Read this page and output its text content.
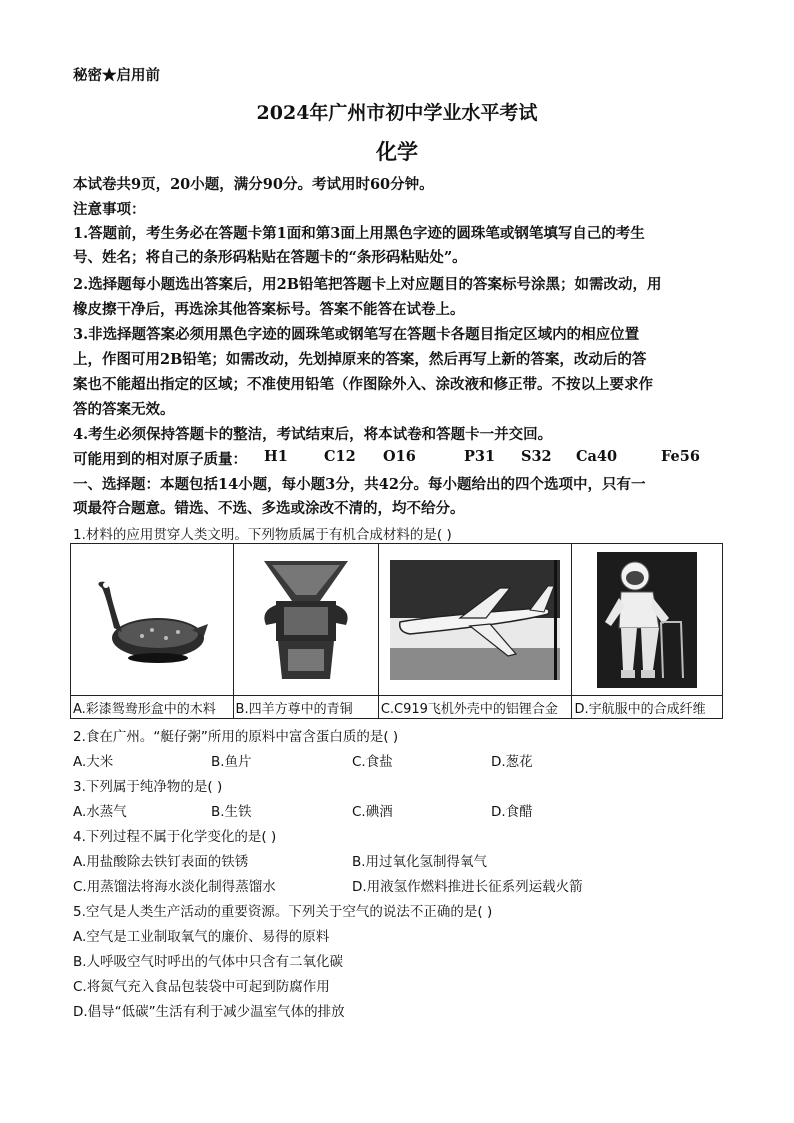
秘密★启用前
2024年广州市初中学业水平考试
化学
本试卷共9页，20小题，满分90分。考试用时60分钟。
注意事项：
1.答题前，考生务必在答题卡第1面和第3面上用黑色字迹的圆珠笔或钢笔填写自己的考生
号、姓名；将自己的条形码粘贴在答题卡的“条形码粘贴处”。
2.选择题每小题选出答案后，用2B铅笔把答题卡上对应题目的答案标号涂黑；如需改动，用
橡皮擦干净后，再选涂其他答案标号。答案不能答在试卷上。
3.非选择题答案必须用黑色字迹的圆珠笔或钢笔写在答题卡各题目指定区域内的相应位置
上，作图可用2B铅笔；如需改动，先划掉原来的答案，然后再写上新的答案，改动后的答
案也不能超出指定的区域；不准使用铅笔（作图除外入、涂改液和修正带。不按以上要求作
答的答案无效。
4.考生必须保持答题卡的整洁，考试结束后，将本试卷和答题卡一并交回。
可能用到的相对原子质量： H1 C12 O16	P31 S32 Ca40	Fe56
一、选择题：本题包括14小题，每小题3分，共42分。每小题给出的四个选项中，只有一
项最符合题意。错选、不选、多选或涂改不清的，均不给分。
1.材料的应用贯穿人类文明。下列物质属于有机合成材料的是( )

A.彩漆鸳鸯形盒中的木料	B.四羊方尊中的青铜	C.C919飞机外壳中的铝锂合金	D.宇航服中的合成纤维
2.食在广州。“艇仔粥”所用的原料中富含蛋白质的是( )
A.大米	B.鱼片	C.食盐	D.葱花
3.下列属于纯净物的是( )
A.水蒸气	B.生铁	C.碘酒	D.食醋
4.下列过程不属于化学变化的是( )
A.用盐酸除去铁钉表面的铁锈	B.用过氧化氢制得氧气
C.用蒸馏法将海水淡化制得蒸馏水	D.用液氢作燃料推进长征系列运载火箭
5.空气是人类生产活动的重要资源。下列关于空气的说法不正确的是( )
A.空气是工业制取氧气的廉价、易得的原料
B.人呼吸空气时呼出的气体中只含有二氧化碳
C.将氮气充入食品包装袋中可起到防腐作用
D.倡导“低碳”生活有利于减少温室气体的排放
